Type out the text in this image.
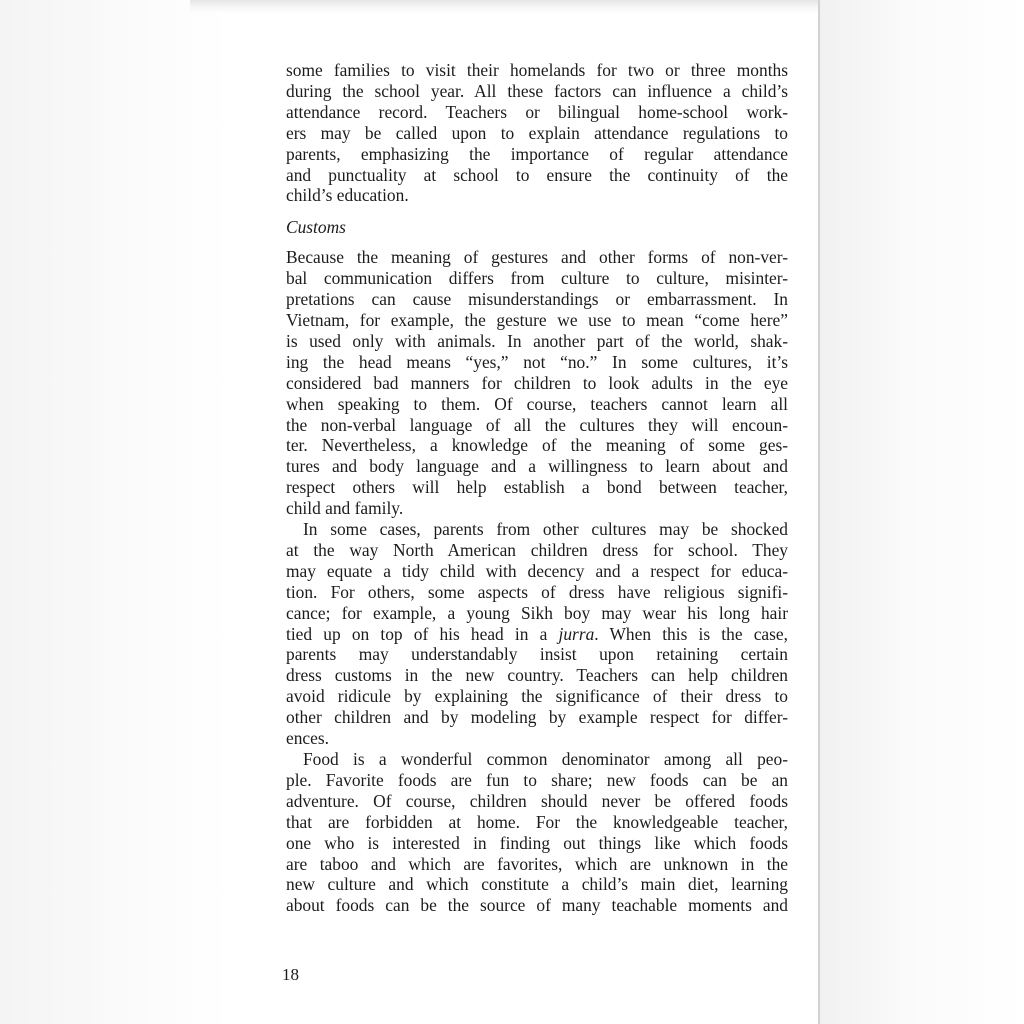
some families to visit their homelands for two or three months
during the school year. All these factors can influence a child’s
attendance record. Teachers or bilingual home-school work-
ers may be called upon to explain attendance regulations to
parents, emphasizing the importance of regular attendance
and punctuality at school to ensure the continuity of the
child’s education.
Customs
Because the meaning of gestures and other forms of non-ver-
bal communication differs from culture to culture, misinter-
pretations can cause misunderstandings or embarrassment. In
Vietnam, for example, the gesture we use to mean “come here”
is used only with animals. In another part of the world, shak-
ing the head means “yes,” not “no.” In some cultures, it’s
considered bad manners for children to look adults in the eye
when speaking to them. Of course, teachers cannot learn all
the non-verbal language of all the cultures they will encoun-
ter. Nevertheless, a knowledge of the meaning of some ges-
tures and body language and a willingness to learn about and
respect others will help establish a bond between teacher,
child and family.
In some cases, parents from other cultures may be shocked
at the way North American children dress for school. They
may equate a tidy child with decency and a respect for educa-
tion. For others, some aspects of dress have religious signifi-
cance; for example, a young Sikh boy may wear his long hair
tied up on top of his head in a jurra. When this is the case,
parents may understandably insist upon retaining certain
dress customs in the new country. Teachers can help children
avoid ridicule by explaining the significance of their dress to
other children and by modeling by example respect for differ-
ences.
Food is a wonderful common denominator among all peo-
ple. Favorite foods are fun to share; new foods can be an
adventure. Of course, children should never be offered foods
that are forbidden at home. For the knowledgeable teacher,
one who is interested in finding out things like which foods
are taboo and which are favorites, which are unknown in the
new culture and which constitute a child’s main diet, learning
about foods can be the source of many teachable moments and
18
